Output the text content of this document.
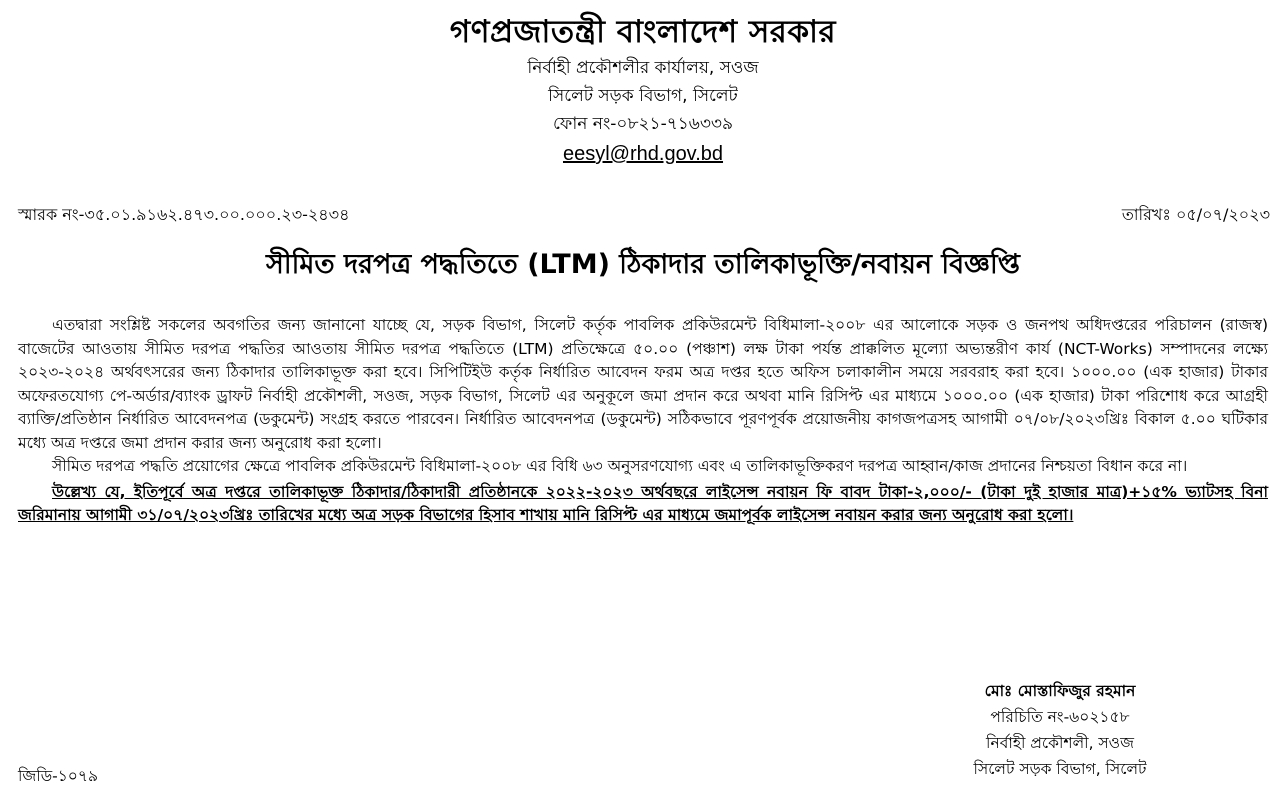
গণপ্রজাতন্ত্রী বাংলাদেশ সরকার
নির্বাহী প্রকৌশলীর কার্যালয়, সওজ
সিলেট সড়ক বিভাগ, সিলেট
ফোন নং-০৮২১-৭১৬৩৩৯
eesyl@rhd.gov.bd
স্মারক নং-৩৫.০১.৯১৬২.৪৭৩.০০.০০০.২৩-২৪৩৪	তারিখঃ ০৫/০৭/২০২৩
সীমিত দরপত্র পদ্ধতিতে (LTM) ঠিকাদার তালিকাভূক্তি/নবায়ন বিজ্ঞপ্তি

এতদ্বারা সংশ্লিষ্ট সকলের অবগতির জন্য জানানো যাচ্ছে যে, সড়ক বিভাগ, সিলেট কর্তৃক পাবলিক প্রকিউরমেন্ট বিধিমালা-২০০৮ এর আলোকে সড়ক ও জনপথ অধিদপ্তরের পরিচালন (রাজস্ব) বাজেটের আওতায় সীমিত দরপত্র পদ্ধতির আওতায় সীমিত দরপত্র পদ্ধতিতে (LTM) প্রতিক্ষেত্রে ৫০.০০ (পঞ্চাশ) লক্ষ টাকা পর্যন্ত প্রাক্কলিত মূল্যো অভ্যন্তরীণ কার্য (NCT-Works) সম্পাদনের লক্ষ্যে ২০২৩-২০২৪ অর্থবৎসরের জন্য ঠিকাদার তালিকাভূক্ত করা হবে। সিপিটিইউ কর্তৃক নির্ধারিত আবেদন ফরম অত্র দপ্তর হতে অফিস চলাকালীন সময়ে সরবরাহ করা হবে। ১০০০.০০ (এক হাজার) টাকার অফেরতযোগ্য পে-অর্ডার/ব্যাংক ড্রাফট নির্বাহী প্রকৌশলী, সওজ, সড়ক বিভাগ, সিলেট এর অনুকূলে জমা প্রদান করে অথবা মানি রিসিপ্ট এর মাধ্যমে ১০০০.০০ (এক হাজার) টাকা পরিশোধ করে আগ্রহী ব্যাক্তি/প্রতিষ্ঠান নির্ধারিত আবেদনপত্র (ডকুমেন্ট) সংগ্রহ করতে পারবেন। নির্ধারিত আবেদনপত্র (ডকুমেন্ট) সঠিকভাবে পূরণপূর্বক প্রয়োজনীয় কাগজপত্রসহ আগামী ০৭/০৮/২০২৩খ্রিঃ বিকাল ৫.০০ ঘটিকার মধ্যে অত্র দপ্তরে জমা প্রদান করার জন্য অনুরোধ করা হলো।

সীমিত দরপত্র পদ্ধতি প্রয়োগের ক্ষেত্রে পাবলিক প্রকিউরমেন্ট বিধিমালা-২০০৮ এর বিধি ৬৩ অনুসরণযোগ্য এবং এ তালিকাভূক্তিকরণ দরপত্র আহ্বান/কাজ প্রদানের নিশ্চয়তা বিধান করে না।

উল্লেখ্য যে, ইতিপূর্বে অত্র দপ্তরে তালিকাভূক্ত ঠিকাদার/ঠিকাদারী প্রতিষ্ঠানকে ২০২২-২০২৩ অর্থবছরে লাইসেন্স নবায়ন ফি বাবদ টাকা-২,০০০/- (টাকা দুই হাজার মাত্র)+১৫% ভ্যাটসহ বিনা জরিমানায় আগামী ৩১/০৭/২০২৩খ্রিঃ তারিখের মধ্যে অত্র সড়ক বিভাগের হিসাব শাখায় মানি রিসিপ্ট এর মাধ্যমে জমাপূর্বক লাইসেন্স নবায়ন করার জন্য অনুরোধ করা হলো।

মোঃ মোস্তাফিজুর রহমান
পরিচিতি নং-৬০২১৫৮
নির্বাহী প্রকৌশলী, সওজ
সিলেট সড়ক বিভাগ, সিলেট
জিডি-১০৭৯
